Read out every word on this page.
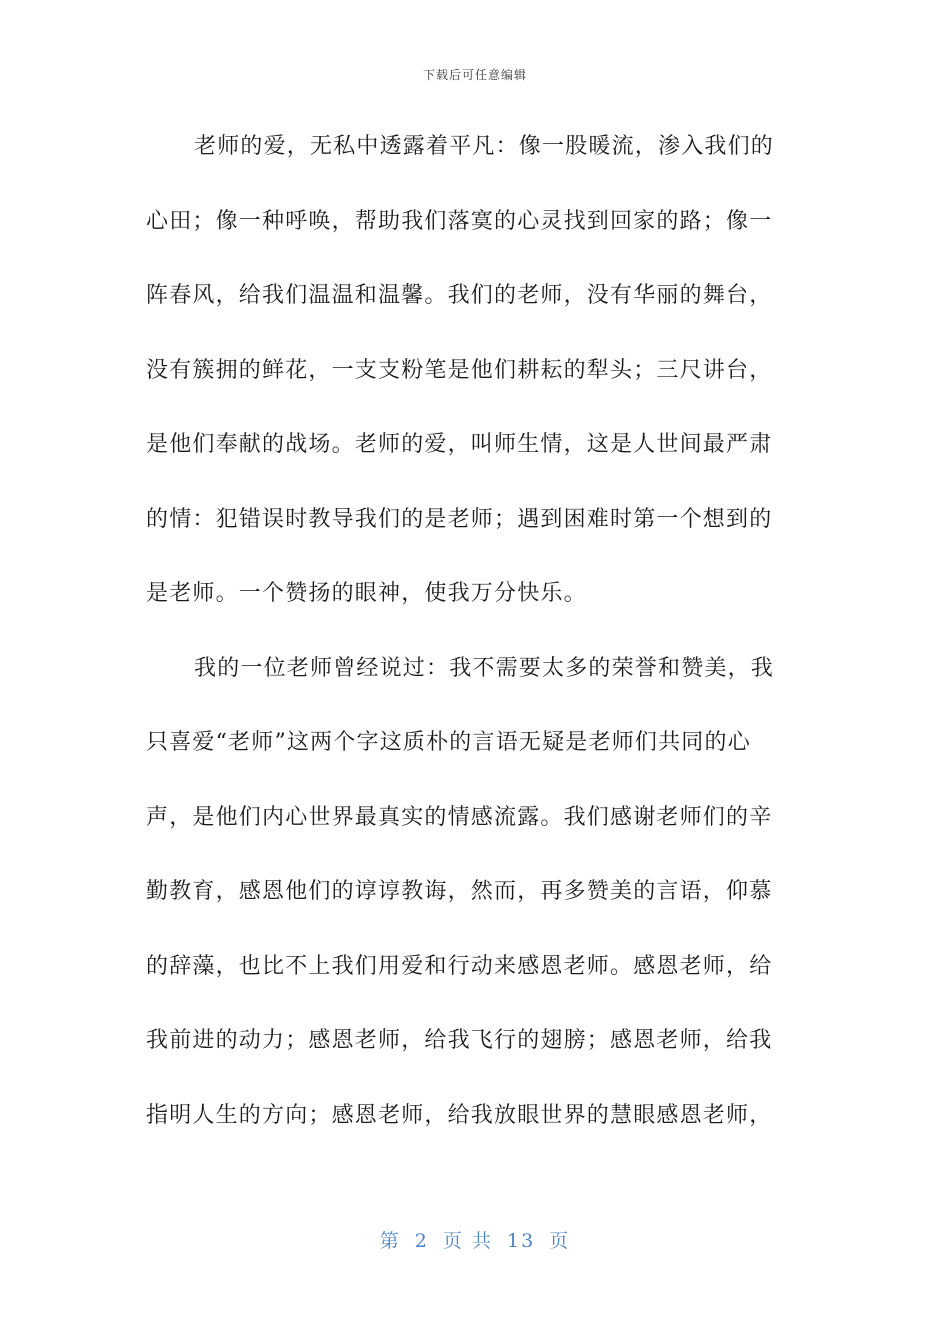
下载后可任意编辑
老师的爱，无私中透露着平凡：像一股暖流，渗入我们的
心田；像一种呼唤，帮助我们落寞的心灵找到回家的路；像一
阵春风，给我们温温和温馨。我们的老师，没有华丽的舞台，
没有簇拥的鲜花，一支支粉笔是他们耕耘的犁头；三尺讲台，
是他们奉献的战场。老师的爱，叫师生情，这是人世间最严肃
的情：犯错误时教导我们的是老师；遇到困难时第一个想到的
是老师。一个赞扬的眼神，使我万分快乐。
我的一位老师曾经说过：我不需要太多的荣誉和赞美，我
只喜爱“老师”这两个字这质朴的言语无疑是老师们共同的心
声，是他们内心世界最真实的情感流露。我们感谢老师们的辛
勤教育，感恩他们的谆谆教诲，然而，再多赞美的言语，仰慕
的辞藻，也比不上我们用爱和行动来感恩老师。感恩老师，给
我前进的动力；感恩老师，给我飞行的翅膀；感恩老师，给我
指明人生的方向；感恩老师，给我放眼世界的慧眼感恩老师，
第 2 页 共 13 页
